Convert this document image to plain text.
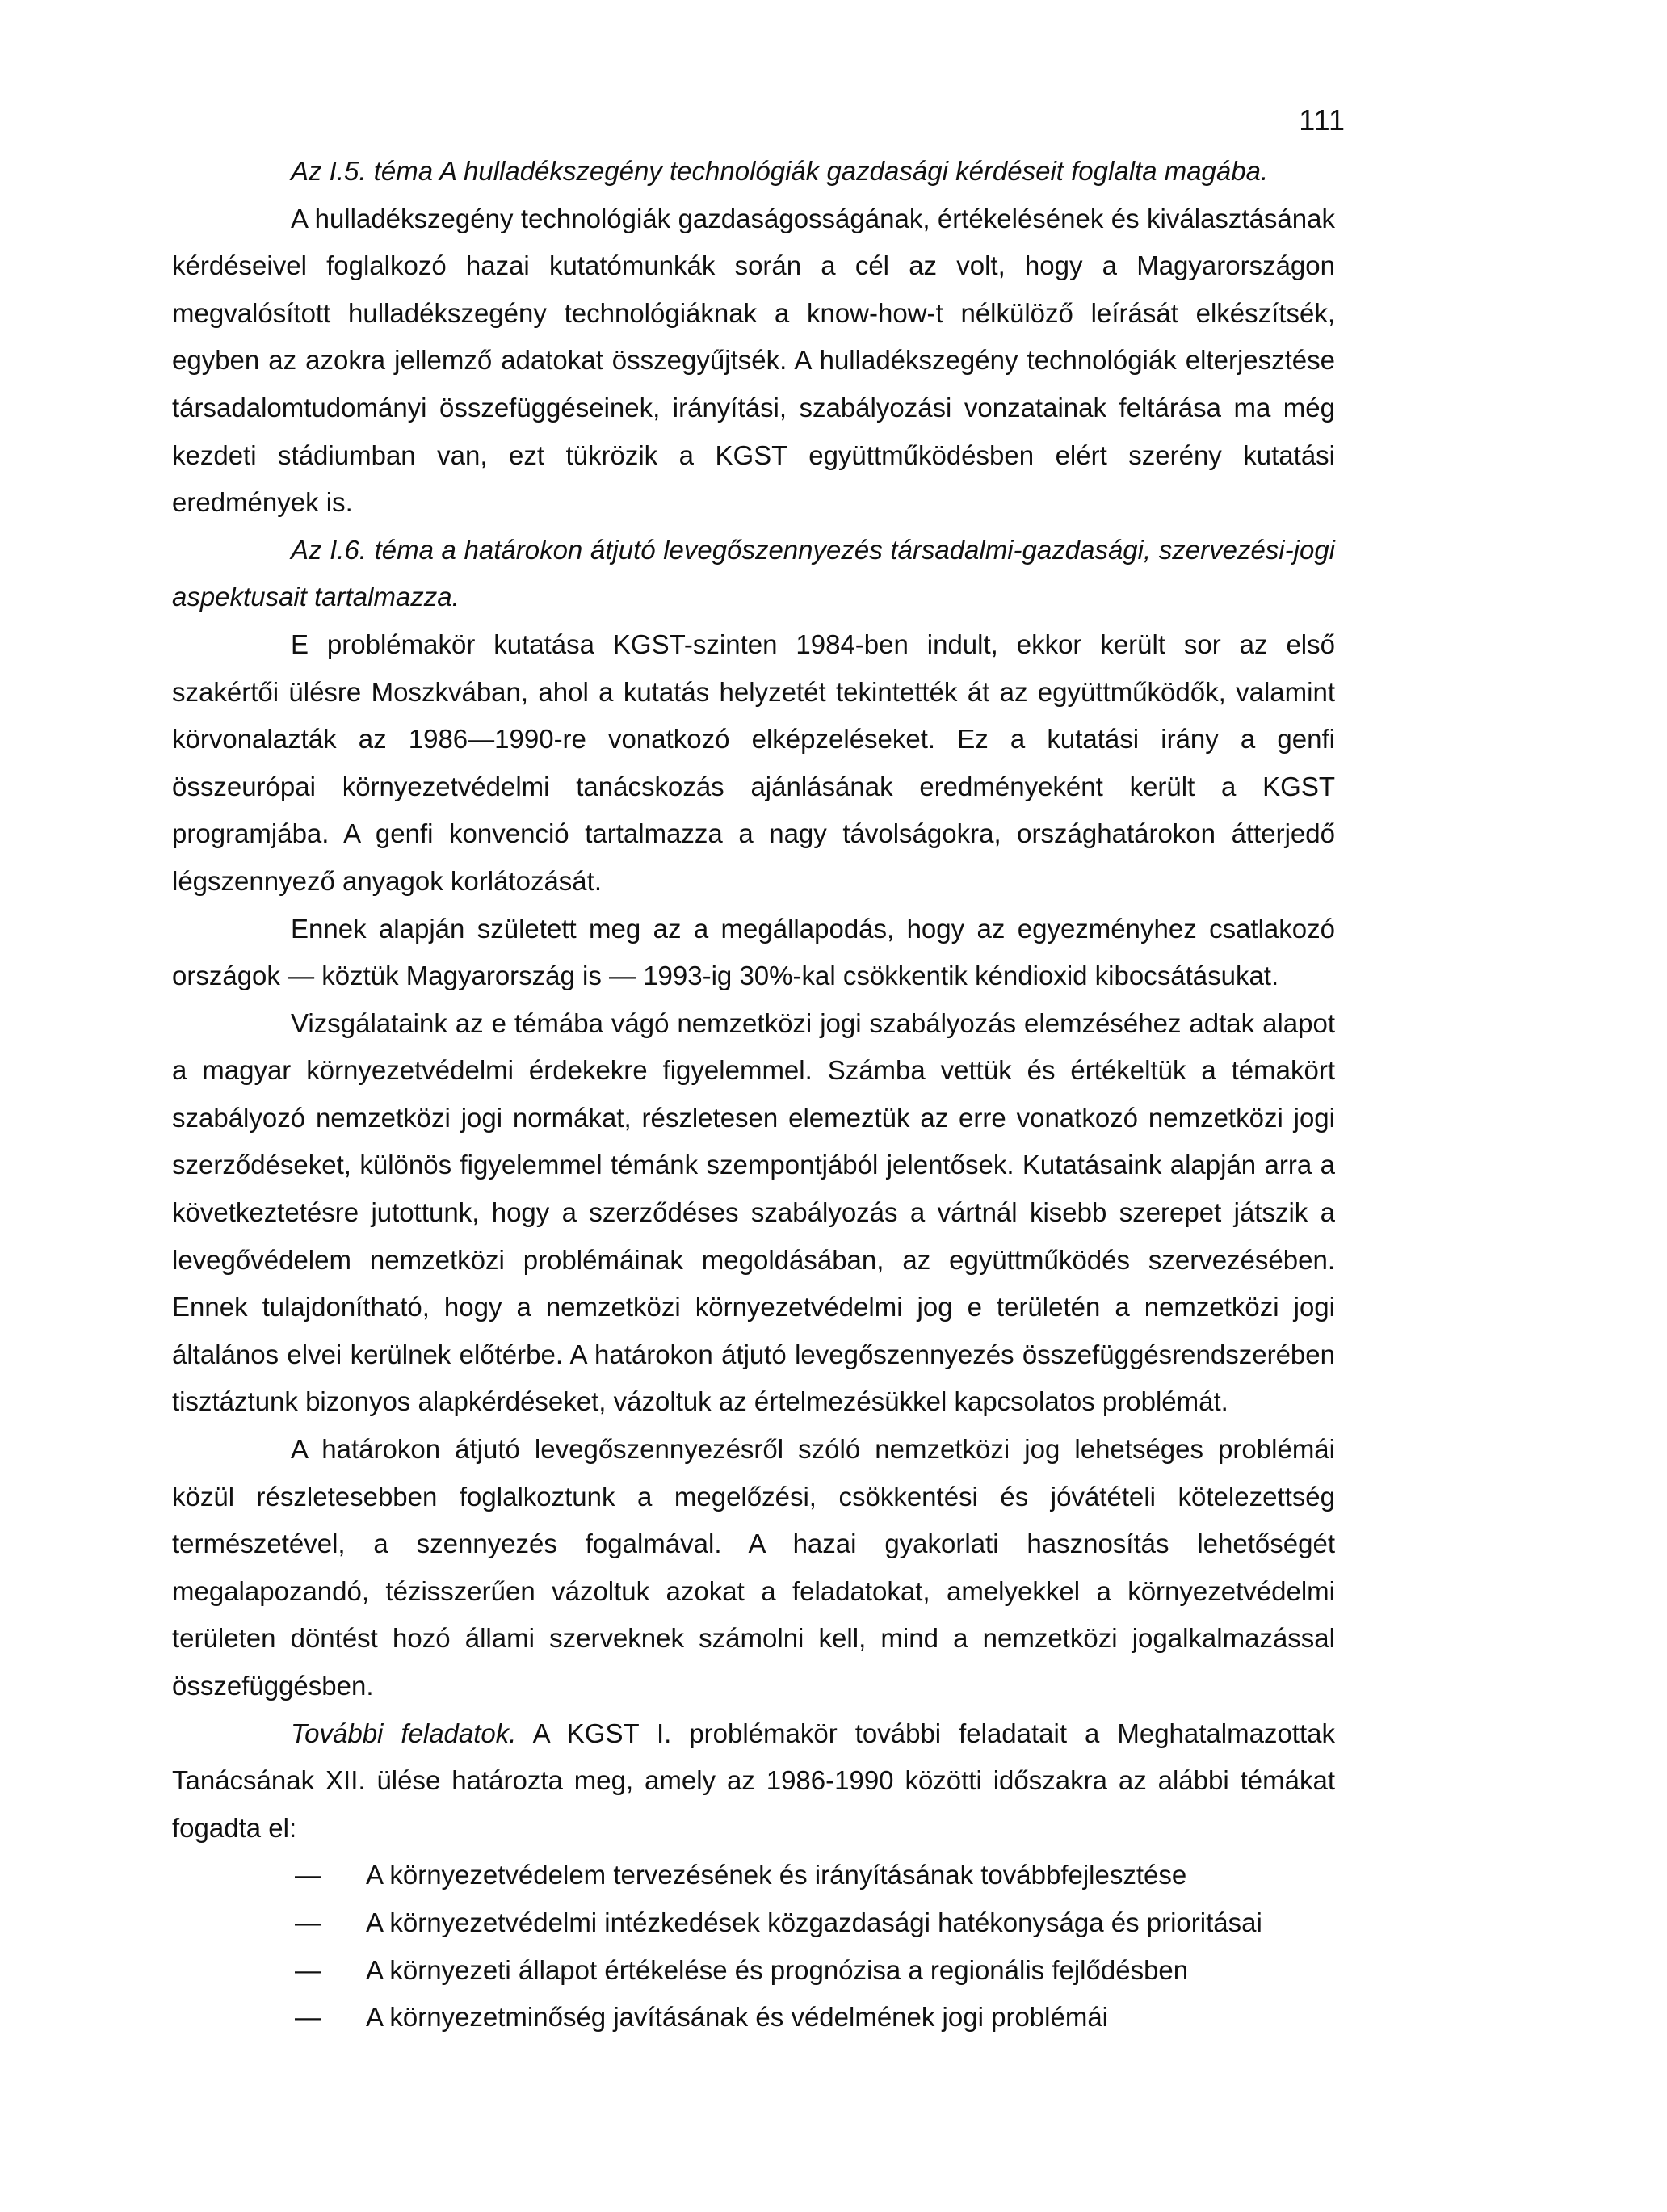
111

Az I.5. téma A hulladékszegény technológiák gazdasági kérdéseit foglalta magába.

A hulladékszegény technológiák gazdaságosságának, értékelésének és kiválasztásának kérdéseivel foglalkozó hazai kutatómunkák során a cél az volt, hogy a Magyarországon megvalósított hulladékszegény technológiáknak a know-how-t nélkülöző leírását elkészítsék, egyben az azokra jellemző adatokat összegyűjtsék. A hulladékszegény technológiák elterjesztése társadalomtudományi összefüggéseinek, irányítási, szabályozási vonzatainak feltárása ma még kezdeti stádiumban van, ezt tükrözik a KGST együttműködésben elért szerény kutatási eredmények is.

Az I.6. téma a határokon átjutó levegőszennyezés társadalmi-gazdasági, szervezési-jogi aspektusait tartalmazza.

E problémakör kutatása KGST-szinten 1984-ben indult, ekkor került sor az első szakértői ülésre Moszkvában, ahol a kutatás helyzetét tekintették át az együttműködők, valamint körvonalazták az 1986—1990-re vonatkozó elképzeléseket. Ez a kutatási irány a genfi összeurópai környezetvédelmi tanácskozás ajánlásának eredményeként került a KGST programjába. A genfi konvenció tartalmazza a nagy távolságokra, országhatárokon átterjedő légszennyező anyagok korlátozását.

Ennek alapján született meg az a megállapodás, hogy az egyezményhez csatlakozó országok — köztük Magyarország is — 1993-ig 30%-kal csökkentik kéndioxid kibocsátásukat.

Vizsgálataink az e témába vágó nemzetközi jogi szabályozás elemzéséhez adtak alapot a magyar környezetvédelmi érdekekre figyelemmel. Számba vettük és értékeltük a témakört szabályozó nemzetközi jogi normákat, részletesen elemeztük az erre vonatkozó nemzetközi jogi szerződéseket, különös figyelemmel témánk szempontjából jelentősek. Kutatásaink alapján arra a következtetésre jutottunk, hogy a szerződéses szabályozás a vártnál kisebb szerepet játszik a levegővédelem nemzetközi problémáinak megoldásában, az együttműködés szervezésében. Ennek tulajdonítható, hogy a nemzetközi környezetvédelmi jog e területén a nemzetközi jogi általános elvei kerülnek előtérbe. A határokon átjutó levegőszennyezés összefüggésrendszerében tisztáztunk bizonyos alapkérdéseket, vázoltuk az értelmezésükkel kapcsolatos problémát.

A határokon átjutó levegőszennyezésről szóló nemzetközi jog lehetséges problémái közül részletesebben foglalkoztunk a megelőzési, csökkentési és jóvátételi kötelezettség természetével, a szennyezés fogalmával. A hazai gyakorlati hasznosítás lehetőségét megalapozandó, tézisszerűen vázoltuk azokat a feladatokat, amelyekkel a környezetvédelmi területen döntést hozó állami szerveknek számolni kell, mind a nemzetközi jogalkalmazással összefüggésben.

További feladatok. A KGST I. problémakör további feladatait a Meghatalmazottak Tanácsának XII. ülése határozta meg, amely az 1986-1990 közötti időszakra az alábbi témákat fogadta el:

— A környezetvédelem tervezésének és irányításának továbbfejlesztése
— A környezetvédelmi intézkedések közgazdasági hatékonysága és prioritásai
— A környezeti állapot értékelése és prognózisa a regionális fejlődésben
— A környezetminőség javításának és védelmének jogi problémái
